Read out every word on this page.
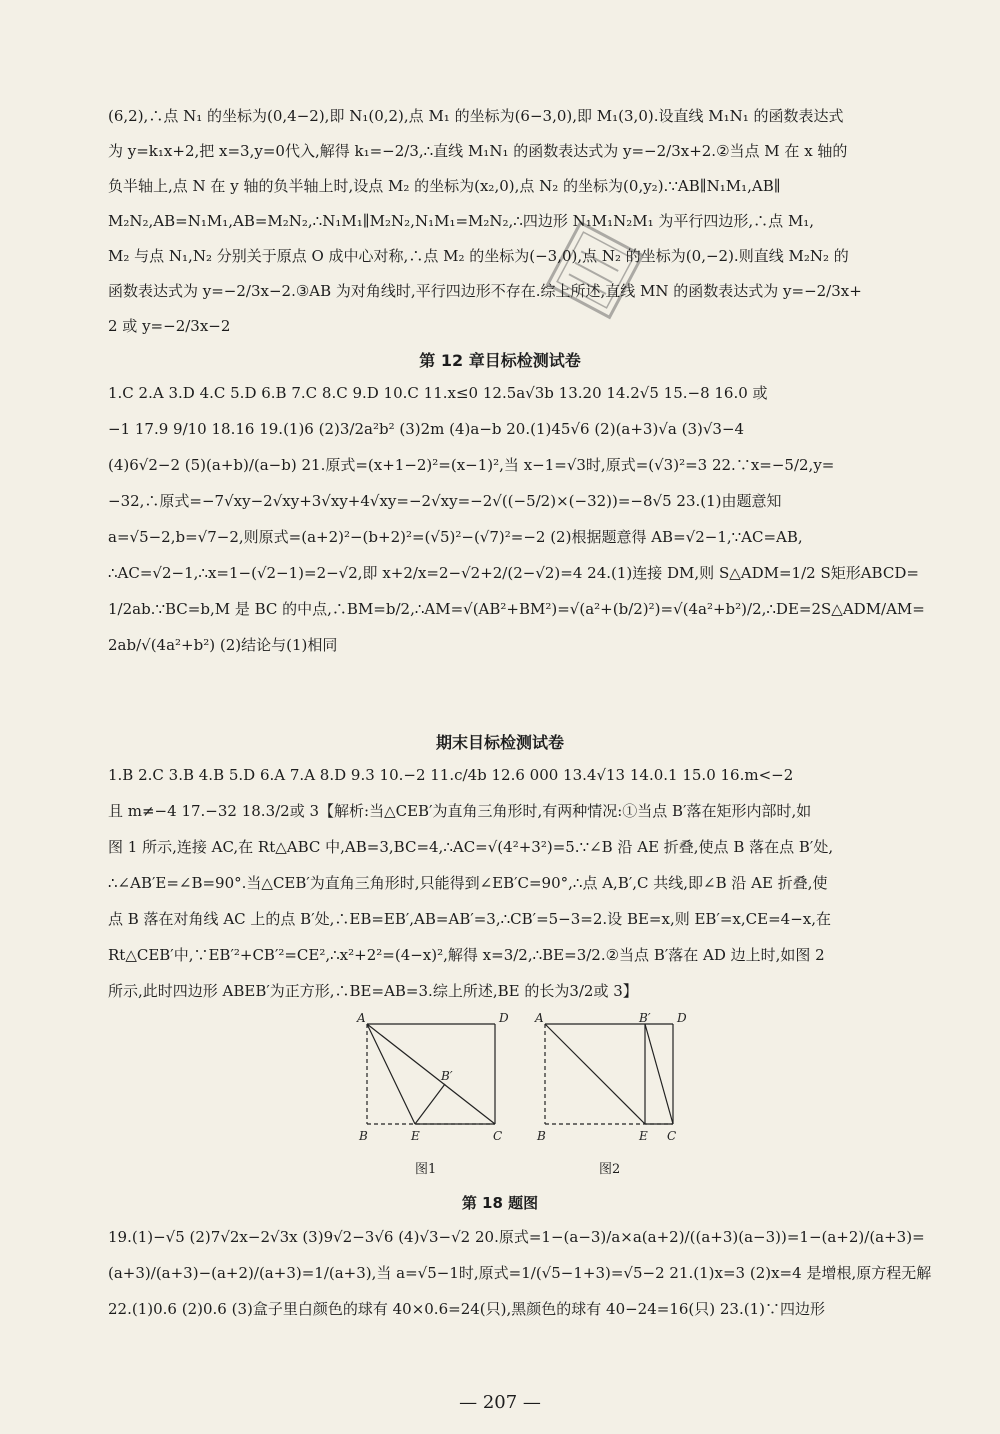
(6,2),∴点 N₁ 的坐标为(0,4−2),即 N₁(0,2),点 M₁ 的坐标为(6−3,0),即 M₁(3,0).设直线 M₁N₁ 的函数表达式
为 y=k₁x+2,把 x=3,y=0代入,解得 k₁=−2/3,∴直线 M₁N₁ 的函数表达式为 y=−2/3x+2.②当点 M 在 x 轴的
负半轴上,点 N 在 y 轴的负半轴上时,设点 M₂ 的坐标为(x₂,0),点 N₂ 的坐标为(0,y₂).∵AB∥N₁M₁,AB∥
M₂N₂,AB=N₁M₁,AB=M₂N₂,∴N₁M₁∥M₂N₂,N₁M₁=M₂N₂,∴四边形 N₁M₁N₂M₁ 为平行四边形,∴点 M₁,
M₂ 与点 N₁,N₂ 分别关于原点 O 成中心对称,∴点 M₂ 的坐标为(−3,0),点 N₂ 的坐标为(0,−2).则直线 M₂N₂ 的
函数表达式为 y=−2/3x−2.③AB 为对角线时,平行四边形不存在.综上所述,直线 MN 的函数表达式为 y=−2/3x+
2 或 y=−2/3x−2
第 12 章目标检测试卷
1.C 2.A 3.D 4.C 5.D 6.B 7.C 8.C 9.D 10.C 11.x≤0 12.5a√3b 13.20 14.2√5 15.−8 16.0 或
−1 17.9 9/10 18.16 19.(1)6 (2)3/2a²b² (3)2m (4)a−b 20.(1)45√6 (2)(a+3)√a (3)√3−4
(4)6√2−2 (5)(a+b)/(a−b) 21.原式=(x+1−2)²=(x−1)²,当 x−1=√3时,原式=(√3)²=3 22.∵x=−5/2,y=
−32,∴原式=−7√xy−2√xy+3√xy+4√xy=−2√xy=−2√((−5/2)×(−32))=−8√5 23.(1)由题意知
a=√5−2,b=√7−2,则原式=(a+2)²−(b+2)²=(√5)²−(√7)²=−2 (2)根据题意得 AB=√2−1,∵AC=AB,
∴AC=√2−1,∴x=1−(√2−1)=2−√2,即 x+2/x=2−√2+2/(2−√2)=4 24.(1)连接 DM,则 S△ADM=1/2 S矩形ABCD=
1/2ab.∵BC=b,M 是 BC 的中点,∴BM=b/2,∴AM=√(AB²+BM²)=√(a²+(b/2)²)=√(4a²+b²)/2,∴DE=2S△ADM/AM=
2ab/√(4a²+b²) (2)结论与(1)相同
期末目标检测试卷
1.B 2.C 3.B 4.B 5.D 6.A 7.A 8.D 9.3 10.−2 11.c/4b 12.6 000 13.4√13 14.0.1 15.0 16.m<−2
且 m≠−4 17.−32 18.3/2或 3【解析:当△CEB′为直角三角形时,有两种情况:①当点 B′落在矩形内部时,如
图 1 所示,连接 AC,在 Rt△ABC 中,AB=3,BC=4,∴AC=√(4²+3²)=5.∵∠B 沿 AE 折叠,使点 B 落在点 B′处,
∴∠AB′E=∠B=90°.当△CEB′为直角三角形时,只能得到∠EB′C=90°,∴点 A,B′,C 共线,即∠B 沿 AE 折叠,使
点 B 落在对角线 AC 上的点 B′处,∴EB=EB′,AB=AB′=3,∴CB′=5−3=2.设 BE=x,则 EB′=x,CE=4−x,在
Rt△CEB′中,∵EB′²+CB′²=CE²,∴x²+2²=(4−x)²,解得 x=3/2,∴BE=3/2.②当点 B′落在 AD 边上时,如图 2
所示,此时四边形 ABEB′为正方形,∴BE=AB=3.综上所述,BE 的长为3/2或 3】
A	D
B	E	C
B′
A	B′ D
B	E C
图1	图2
第 18 题图
19.(1)−√5 (2)7√2x−2√3x (3)9√2−3√6 (4)√3−√2 20.原式=1−(a−3)/a×a(a+2)/((a+3)(a−3))=1−(a+2)/(a+3)=
(a+3)/(a+3)−(a+2)/(a+3)=1/(a+3),当 a=√5−1时,原式=1/(√5−1+3)=√5−2 21.(1)x=3 (2)x=4 是增根,原方程无解
22.(1)0.6 (2)0.6 (3)盒子里白颜色的球有 40×0.6=24(只),黑颜色的球有 40−24=16(只) 23.(1)∵四边形
— 207 —
